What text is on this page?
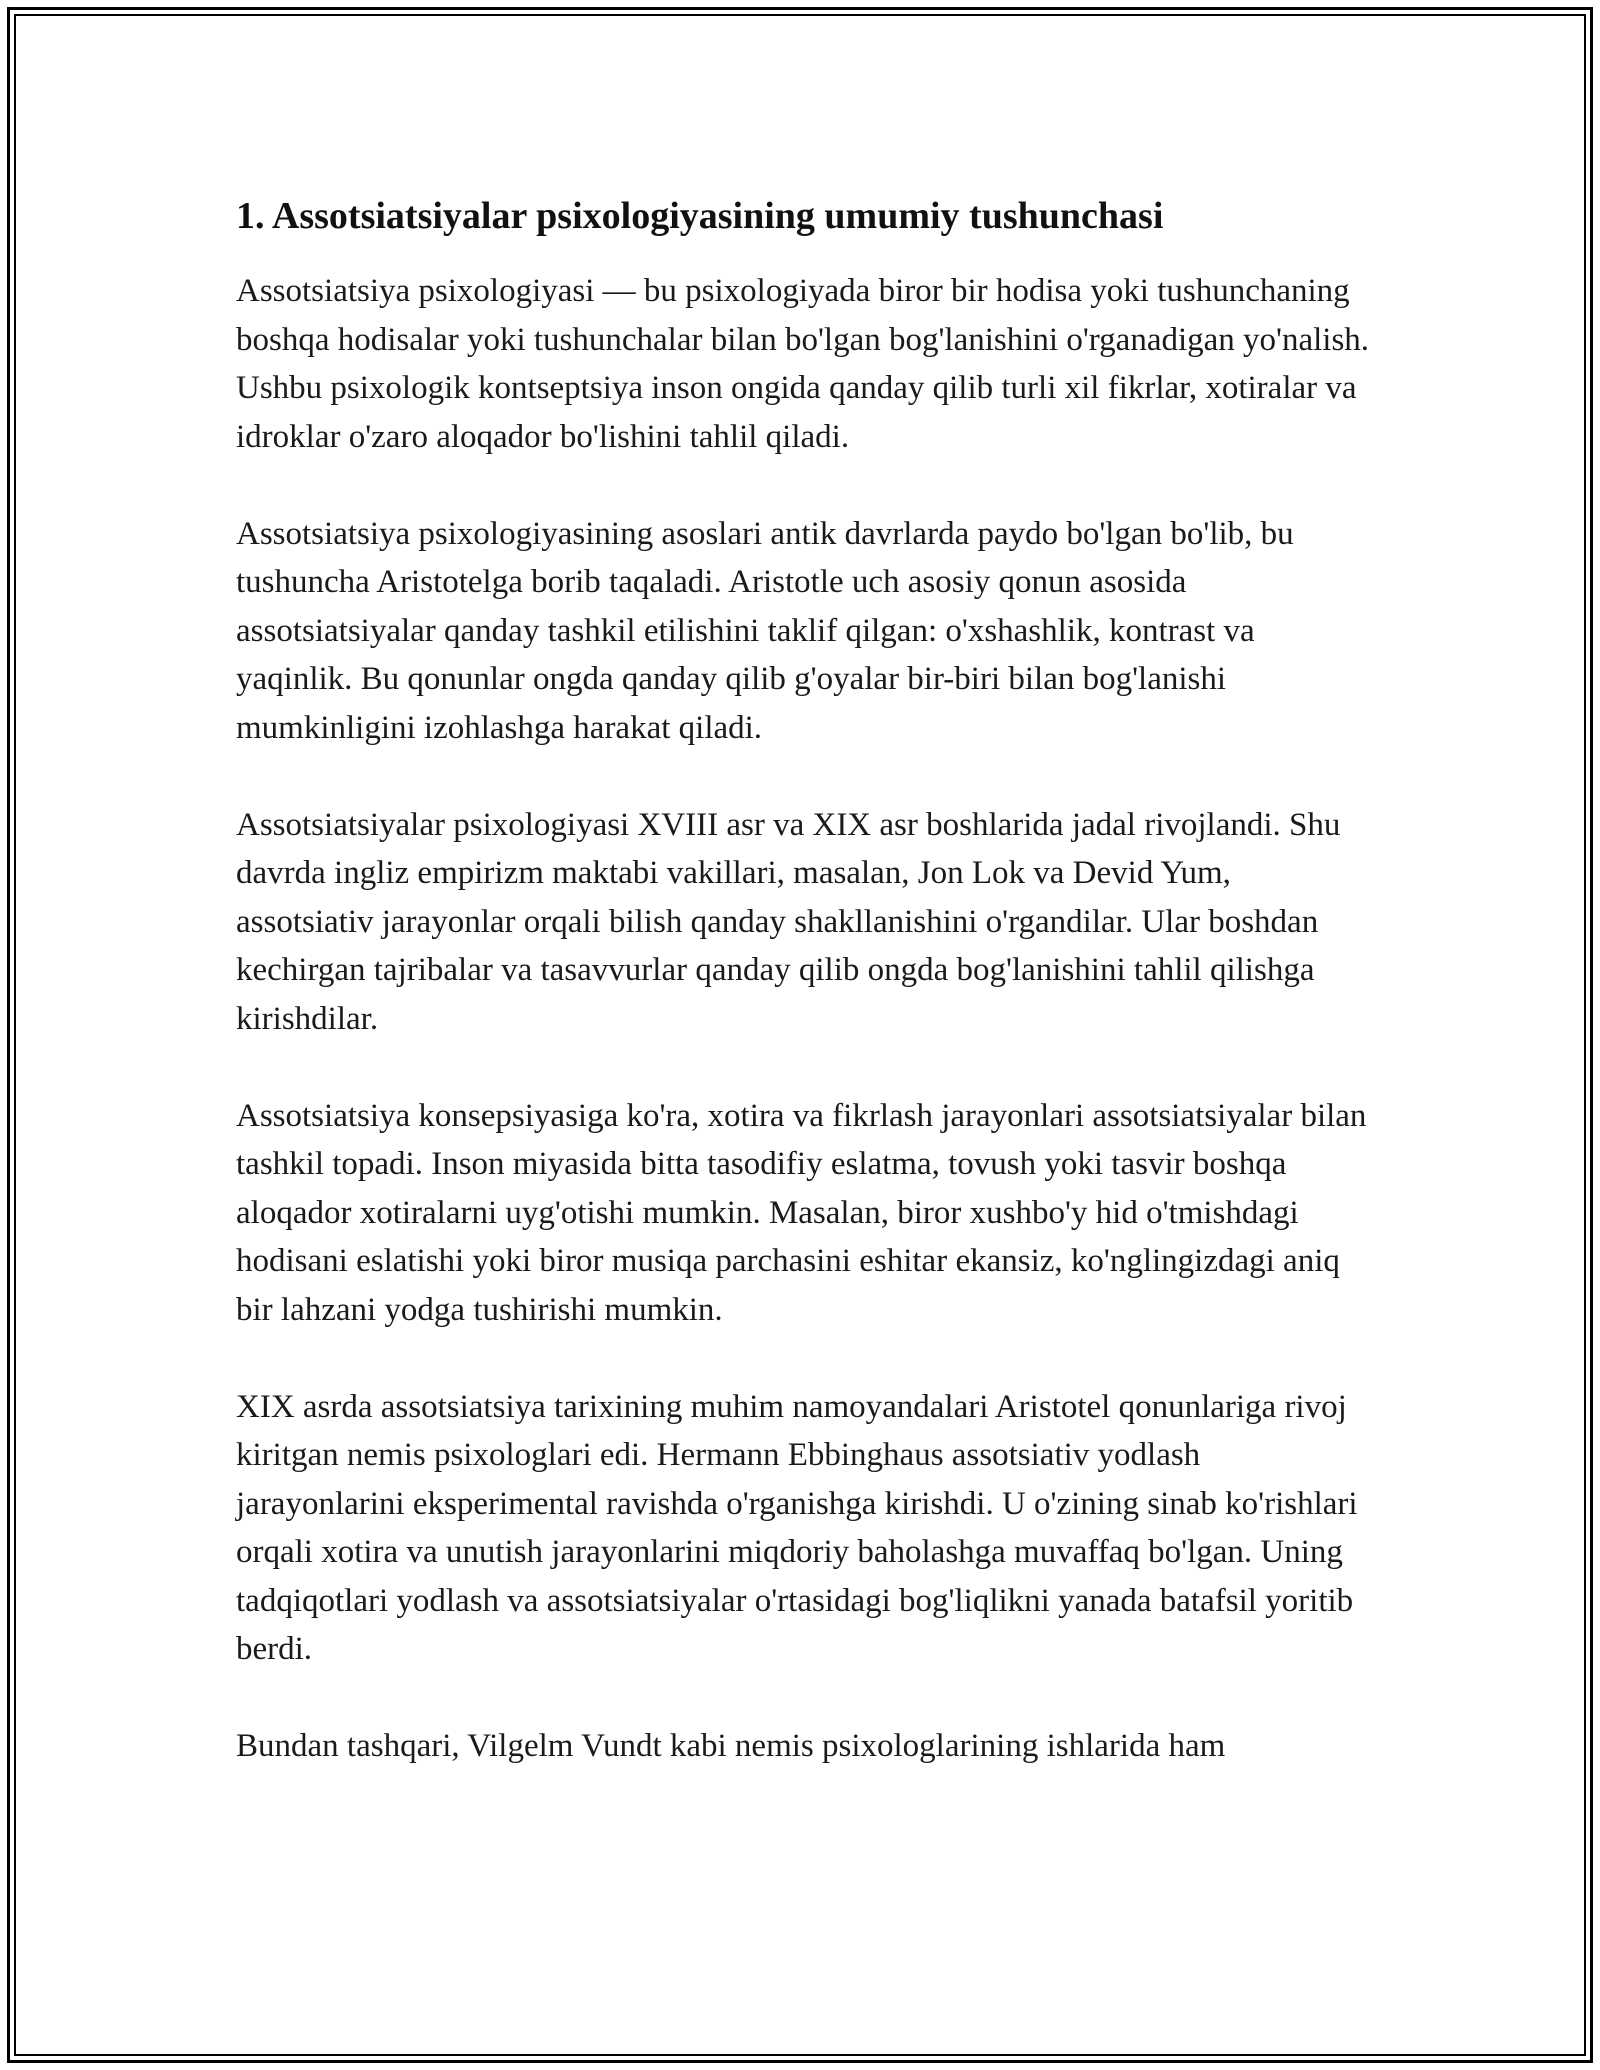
1. Assotsiatsiyalar psixologiyasining umumiy tushunchasi

Assotsiatsiya psixologiyasi — bu psixologiyada biror bir hodisa yoki tushunchaning boshqa hodisalar yoki tushunchalar bilan bo'lgan bog'lanishini o'rganadigan yo'nalish. Ushbu psixologik kontseptsiya inson ongida qanday qilib turli xil fikrlar, xotiralar va idroklar o'zaro aloqador bo'lishini tahlil qiladi.

Assotsiatsiya psixologiyasining asoslari antik davrlarda paydo bo'lgan bo'lib, bu tushuncha Aristotelga borib taqaladi. Aristotle uch asosiy qonun asosida assotsiatsiyalar qanday tashkil etilishini taklif qilgan: o'xshashlik, kontrast va yaqinlik. Bu qonunlar ongda qanday qilib g'oyalar bir-biri bilan bog'lanishi mumkinligini izohlashga harakat qiladi.

Assotsiatsiyalar psixologiyasi XVIII asr va XIX asr boshlarida jadal rivojlandi. Shu davrda ingliz empirizm maktabi vakillari, masalan, Jon Lok va Devid Yum, assotsiativ jarayonlar orqali bilish qanday shakllanishini o'rgandilar. Ular boshdan kechirgan tajribalar va tasavvurlar qanday qilib ongda bog'lanishini tahlil qilishga kirishdilar.

Assotsiatsiya konsepsiyasiga ko'ra, xotira va fikrlash jarayonlari assotsiatsiyalar bilan tashkil topadi. Inson miyasida bitta tasodifiy eslatma, tovush yoki tasvir boshqa aloqador xotiralarni uyg'otishi mumkin. Masalan, biror xushbo'y hid o'tmishdagi hodisani eslatishi yoki biror musiqa parchasini eshitar ekansiz, ko'nglingizdagi aniq bir lahzani yodga tushirishi mumkin.

XIX asrda assotsiatsiya tarixining muhim namoyandalari Aristotel qonunlariga rivoj kiritgan nemis psixologlari edi. Hermann Ebbinghaus assotsiativ yodlash jarayonlarini eksperimental ravishda o'rganishga kirishdi. U o'zining sinab ko'rishlari orqali xotira va unutish jarayonlarini miqdoriy baholashga muvaffaq bo'lgan. Uning tadqiqotlari yodlash va assotsiatsiyalar o'rtasidagi bog'liqlikni yanada batafsil yoritib berdi.

Bundan tashqari, Vilgelm Vundt kabi nemis psixologlarining ishlarida ham
